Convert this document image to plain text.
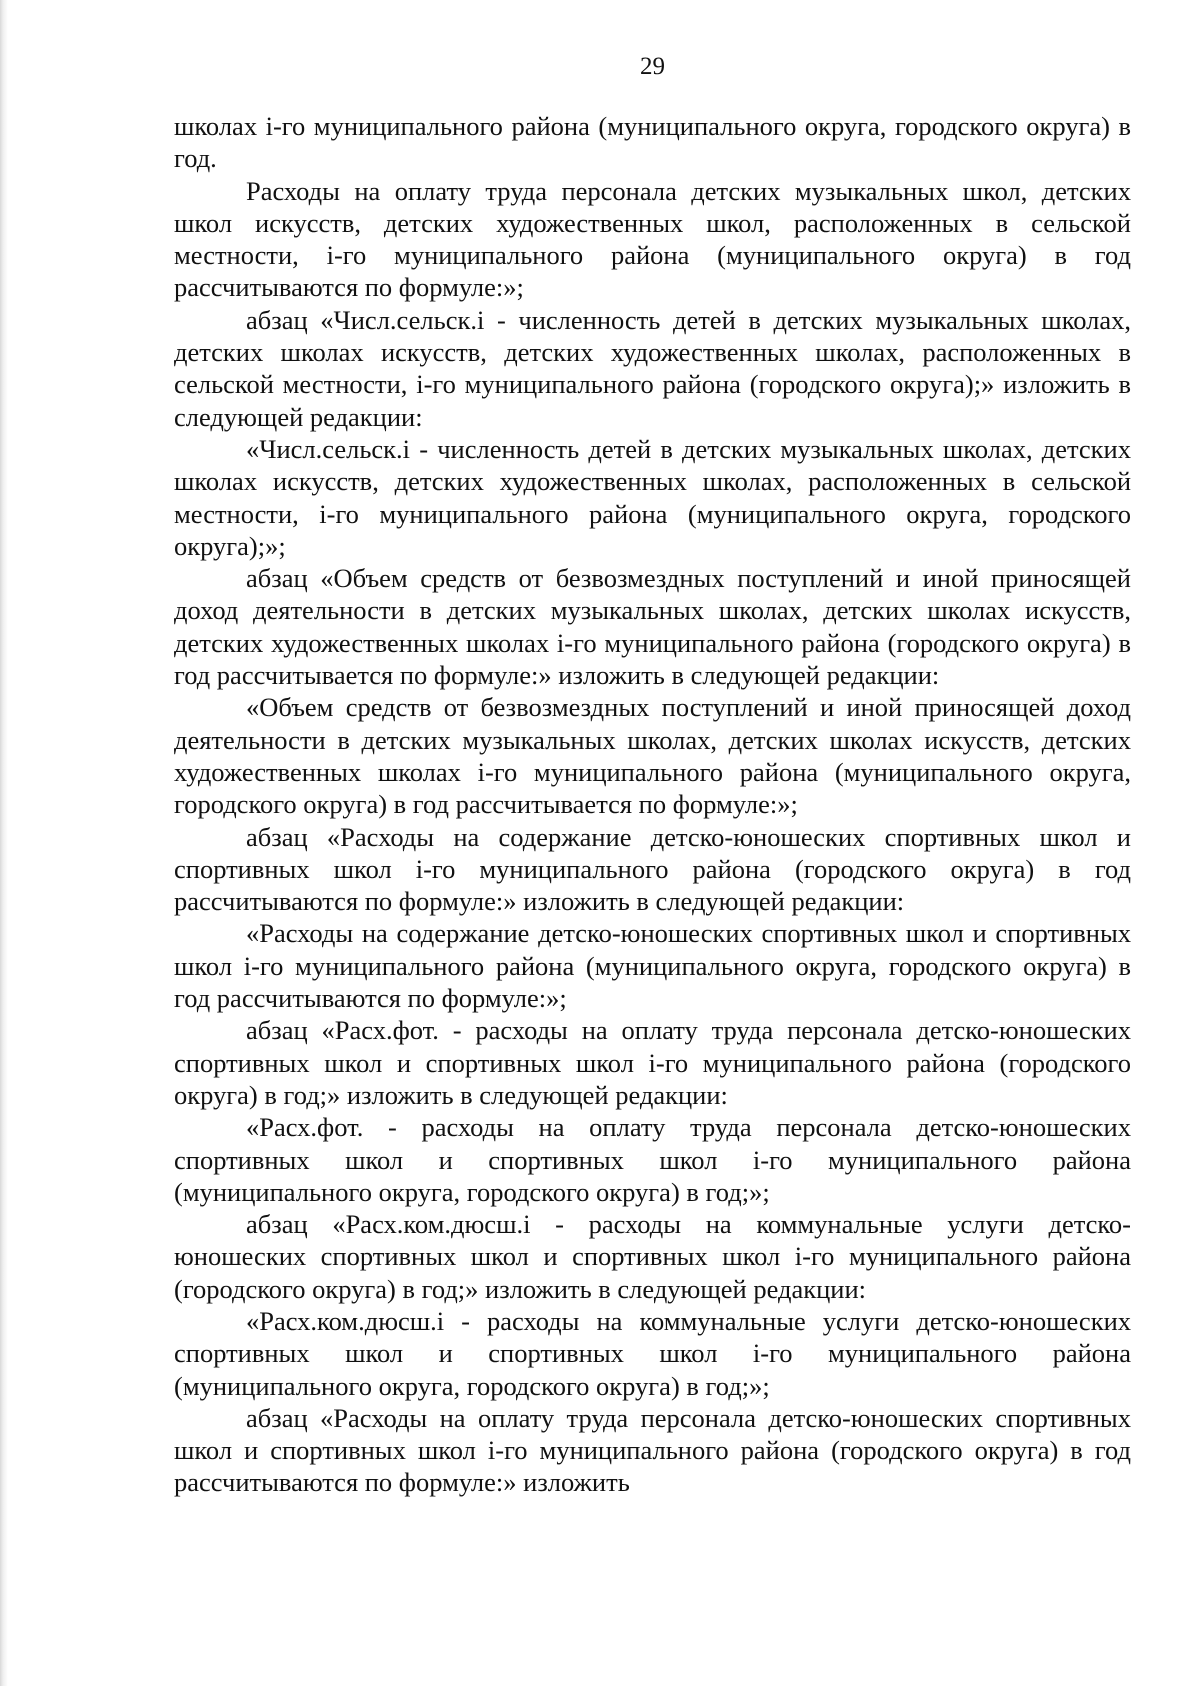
29

школах i-го муниципального района (муниципального округа, городского округа) в год.

Расходы на оплату труда персонала детских музыкальных школ, детских школ искусств, детских художественных школ, расположенных в сельской местности, i-го муниципального района (муниципального округа) в год рассчитываются по формуле:»;

абзац «Числ.сельск.i - численность детей в детских музыкальных школах, детских школах искусств, детских художественных школах, расположенных в сельской местности, i-го муниципального района (городского округа);» изложить в следующей редакции:

«Числ.сельск.i - численность детей в детских музыкальных школах, детских школах искусств, детских художественных школах, расположенных в сельской местности, i-го муниципального района (муниципального округа, городского округа);»;

абзац «Объем средств от безвозмездных поступлений и иной приносящей доход деятельности в детских музыкальных школах, детских школах искусств, детских художественных школах i-го муниципального района (городского округа) в год рассчитывается по формуле:» изложить в следующей редакции:

«Объем средств от безвозмездных поступлений и иной приносящей доход деятельности в детских музыкальных школах, детских школах искусств, детских художественных школах i-го муниципального района (муниципального округа, городского округа) в год рассчитывается по формуле:»;

абзац «Расходы на содержание детско-юношеских спортивных школ и спортивных школ i-го муниципального района (городского округа) в год рассчитываются по формуле:» изложить в следующей редакции:

«Расходы на содержание детско-юношеских спортивных школ и спортивных школ i-го муниципального района (муниципального округа, городского округа) в год рассчитываются по формуле:»;

абзац «Расх.фот. - расходы на оплату труда персонала детско-юношеских спортивных школ и спортивных школ i-го муниципального района (городского округа) в год;» изложить в следующей редакции:

«Расх.фот. - расходы на оплату труда персонала детско-юношеских спортивных школ и спортивных школ i-го муниципального района (муниципального округа, городского округа) в год;»;

абзац «Расх.ком.дюсш.i - расходы на коммунальные услуги детско-юношеских спортивных школ и спортивных школ i-го муниципального района (городского округа) в год;» изложить в следующей редакции:

«Расх.ком.дюсш.i - расходы на коммунальные услуги детско-юношеских спортивных школ и спортивных школ i-го муниципального района (муниципального округа, городского округа) в год;»;

абзац «Расходы на оплату труда персонала детско-юношеских спортивных школ и спортивных школ i-го муниципального района (городского округа) в год рассчитываются по формуле:» изложить
